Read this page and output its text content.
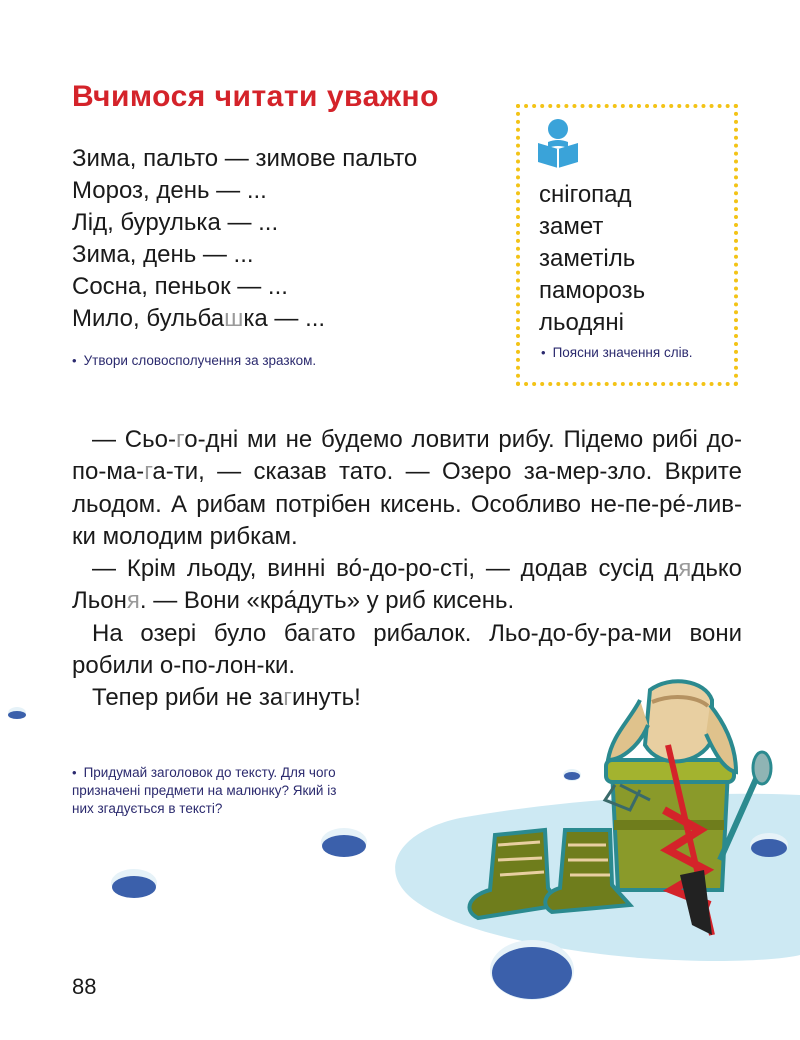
Вчимося читати уважно
Зима, пальто — зимове пальто
Мороз, день — ...
Лід, бурулька — ...
Зима, день — ...
Сосна, пеньок — ...
Мило, бульбашка — ...
• Утвори словосполучення за зразком.
снігопад
замет
заметіль
паморозь
льодяні
• Поясни значення слів.
— Сьо-го-дні ми не будемо ловити рибу. Підемо рибі до-по-ма-га-ти, — сказав тато. — Озеро за-мер-зло. Вкрите льодом. А рибам потрібен кисень. Особливо не-пе-ре́-лив-ки молодим рибкам.
— Крім льоду, винні во́-до-ро-сті, — додав сусід дядько Льоня. — Вони «кра́дуть» у риб кисень.
На озері було багато рибалок. Льо-до-бу-ра-ми вони робили о-по-лон-ки.
Тепер риби не загинуть!
• Придумай заголовок до тексту. Для чого призначені предмети на малюнку? Який із них згадується в тексті?
88
